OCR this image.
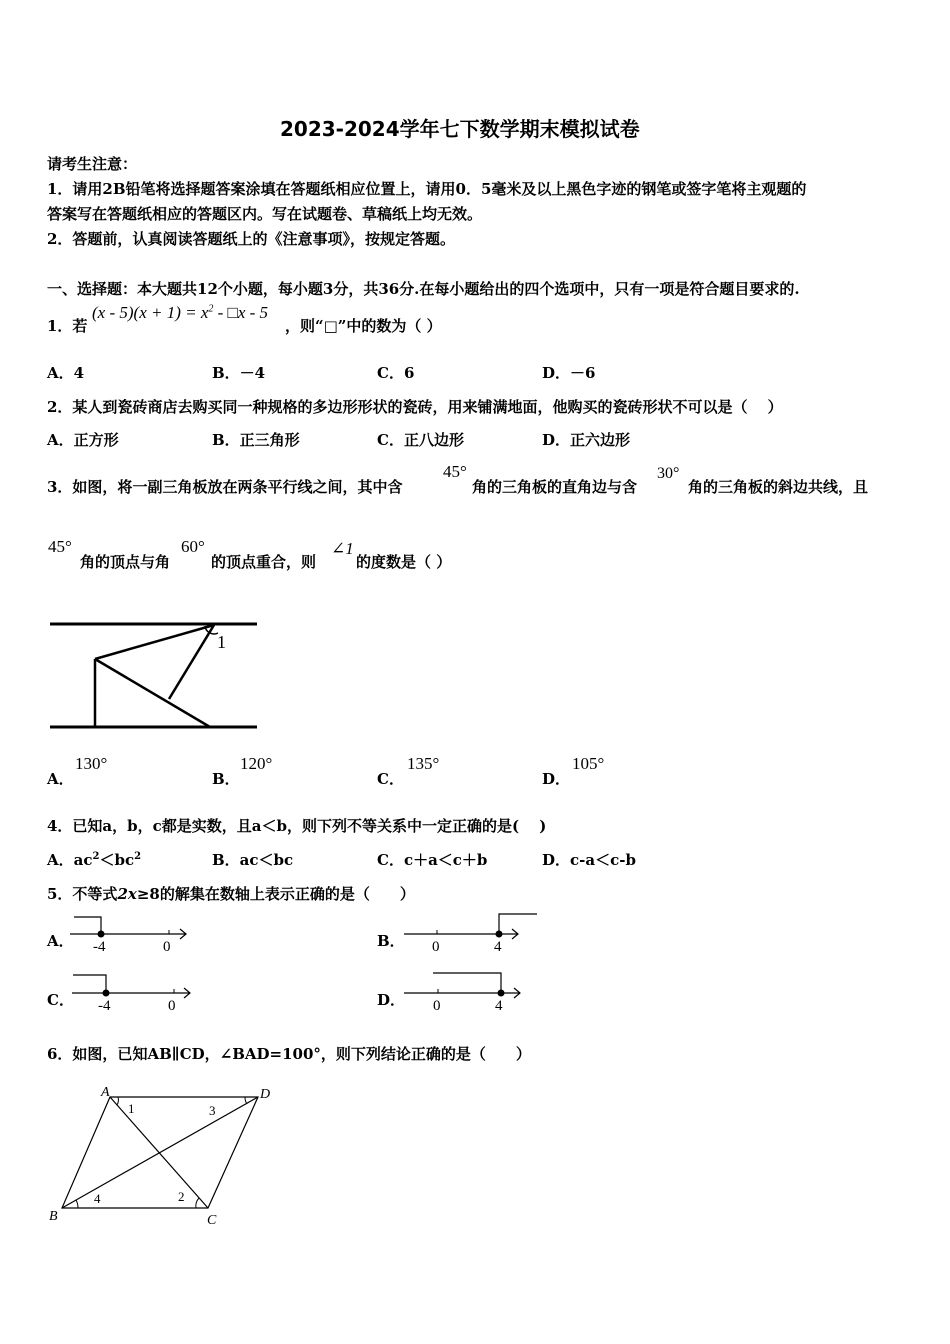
2023-2024学年七下数学期末模拟试卷
请考生注意：
1．请用2B铅笔将选择题答案涂填在答题纸相应位置上，请用0．5毫米及以上黑色字迹的钢笔或签字笔将主观题的
答案写在答题纸相应的答题区内。写在试题卷、草稿纸上均无效。
2．答题前，认真阅读答题纸上的《注意事项》，按规定答题。
一、选择题：本大题共12个小题，每小题3分，共36分.在每小题给出的四个选项中，只有一项是符合题目要求的.
1．若
$(x - 5)(x + 1) = x^2$ - □x - 5
，则“□”中的数为（ ）
A．4	B．－4	C．6	D．－6
2．某人到瓷砖商店去购买同一种规格的多边形形状的瓷砖，用来铺满地面，他购买的瓷砖形状不可以是（　 ）
A．正方形	B．正三角形	C．正八边形	D．正六边形
3．如图，将一副三角板放在两条平行线之间，其中含
45°
角的三角板的直角边与含
30°
角的三角板的斜边共线，且
45°
角的顶点与角
60°
的顶点重合，则
∠1
的度数是（ ）
1
A．
130°
B．
120°
C．
135°
D．
105°
4．已知a，b，c都是实数，且a＜b，则下列不等关系中一定正确的是(　 )
A．$ac^2<bc^2$	B．ac＜bc	C．c＋a＜c＋b	D．c-a＜c-b
5．不等式2x≥8的解集在数轴上表示正确的是（　　）
A． -4	0	0	4
-4	0	0	4
B．
C．	D．
6．如图，已知AB∥CD，∠BAD=100°，则下列结论正确的是（　　）
A	D
B	C
1	3
4	2
